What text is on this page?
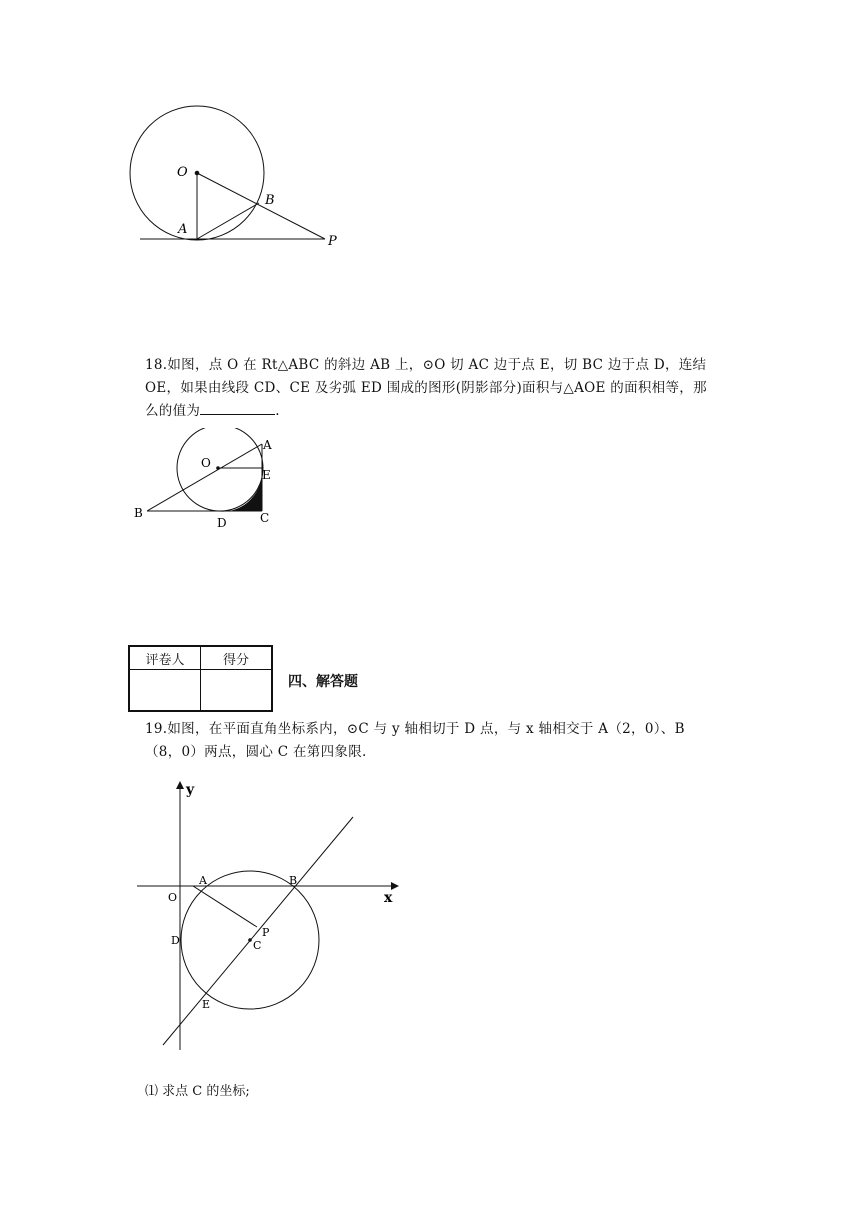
O
A
B
P
18.如图，点 O 在 Rt△ABC 的斜边 AB 上，⊙O 切 AC 边于点 E，切 BC 边于点 D，连结 OE，如果由线段 CD、CE 及劣弧 ED 围成的图形(阴影部分)面积与△AOE 的面积相等，那么的值为	.
O
A
E
B
D	C
评卷人	得分

四、解答题
19.如图，在平面直角坐标系内，⊙C 与 y 轴相切于 D 点，与 x 轴相交于 A（2，0）、B（8，0）两点，圆心 C 在第四象限.
y
x
O
A	B
D
P
C
E
⑴ 求点 C 的坐标;
